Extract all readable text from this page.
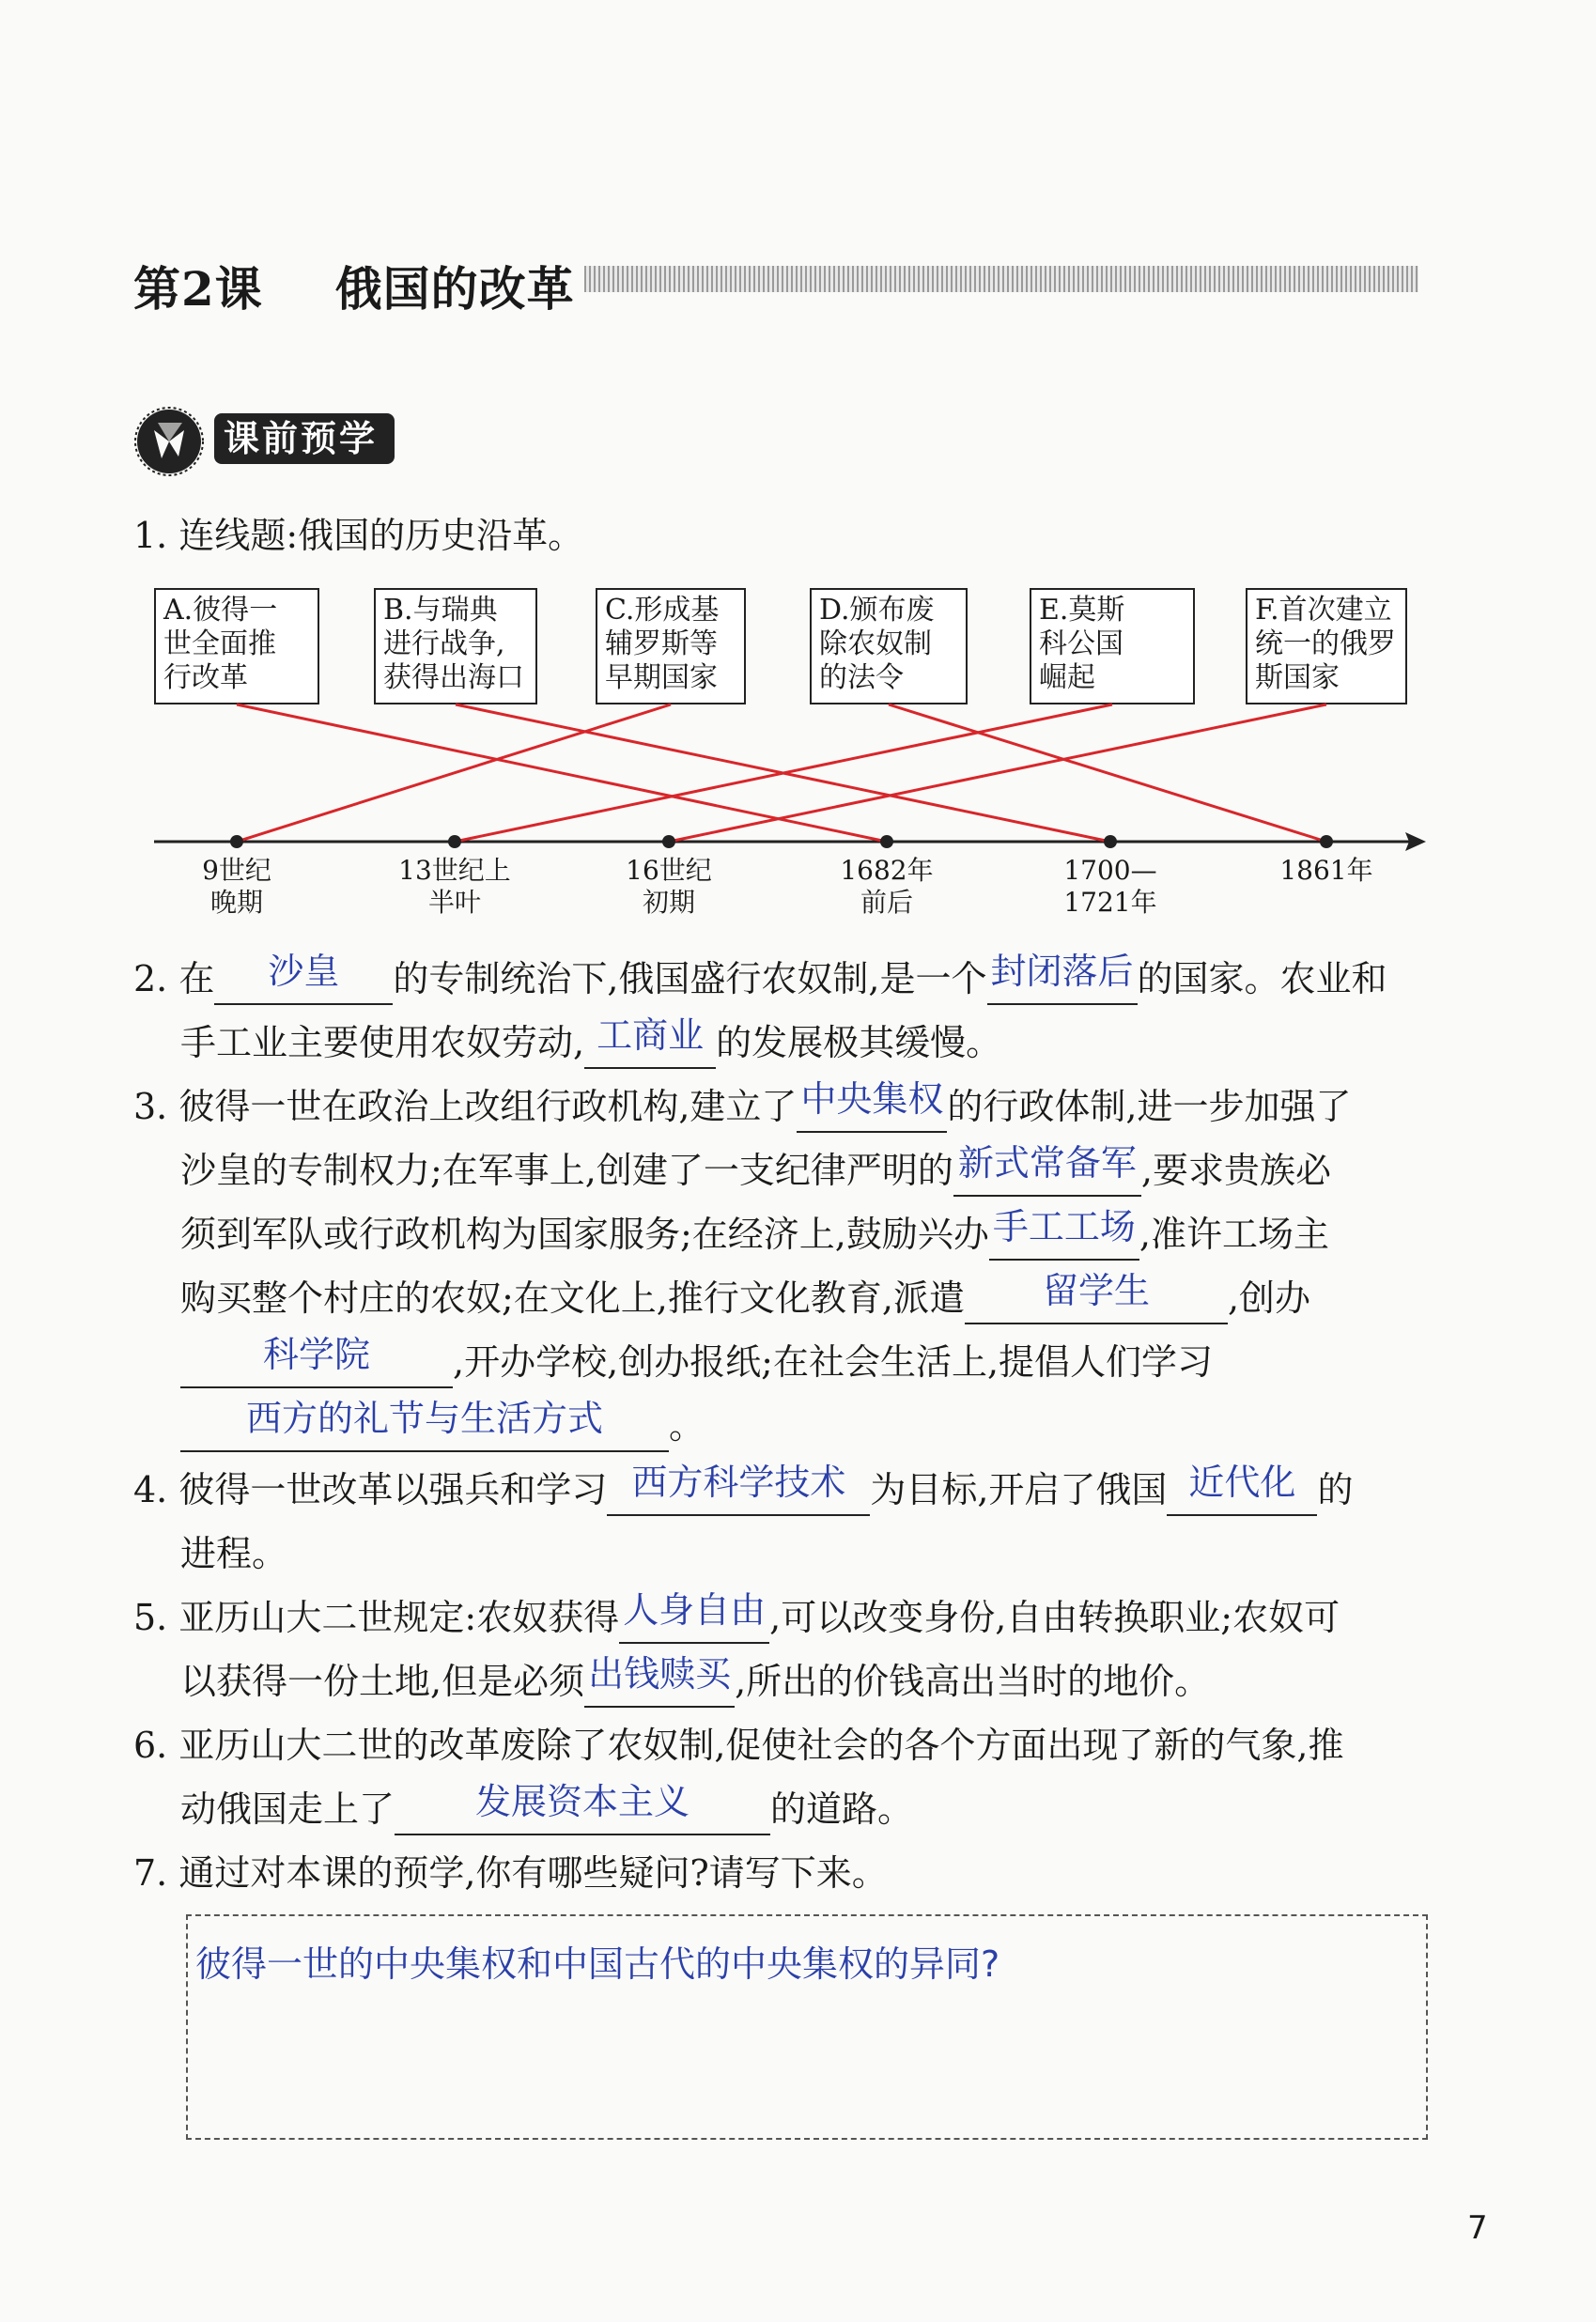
第2课 俄国的改革
课前预学
1. 连线题:俄国的历史沿革。
A.彼得一
世全面推
行改革
B.与瑞典
进行战争,
获得出海口
C.形成基
辅罗斯等
早期国家
D.颁布废
除农奴制
的法令
E.莫斯
科公国
崛起
F.首次建立
统一的俄罗
斯国家
9世纪
晚期
13世纪上
半叶
16世纪
初期
1682年
前后
1700—
1721年
1861年
2. 在 沙皇 的专制统治下,俄国盛行农奴制,是一个 封闭落后 的国家。农业和
手工业主要使用农奴劳动, 工商业 的发展极其缓慢。
3. 彼得一世在政治上改组行政机构,建立了 中央集权 的行政体制,进一步加强了
沙皇的专制权力;在军事上,创建了一支纪律严明的 新式常备军 ,要求贵族必
须到军队或行政机构为国家服务;在经济上,鼓励兴办 手工工场 ,准许工场主
购买整个村庄的农奴;在文化上,推行文化教育,派遣 留学生 ,创办
科学院 ,开办学校,创办报纸;在社会生活上,提倡人们学习
西方的礼节与生活方式 。
4. 彼得一世改革以强兵和学习 西方科学技术 为目标,开启了俄国 近代化 的
进程。
5. 亚历山大二世规定:农奴获得 人身自由 ,可以改变身份,自由转换职业;农奴可
以获得一份土地,但是必须 出钱赎买 ,所出的价钱高出当时的地价。
6. 亚历山大二世的改革废除了农奴制,促使社会的各个方面出现了新的气象,推
动俄国走上了 发展资本主义 的道路。
7. 通过对本课的预学,你有哪些疑问?请写下来。
彼得一世的中央集权和中国古代的中央集权的异同?
7
